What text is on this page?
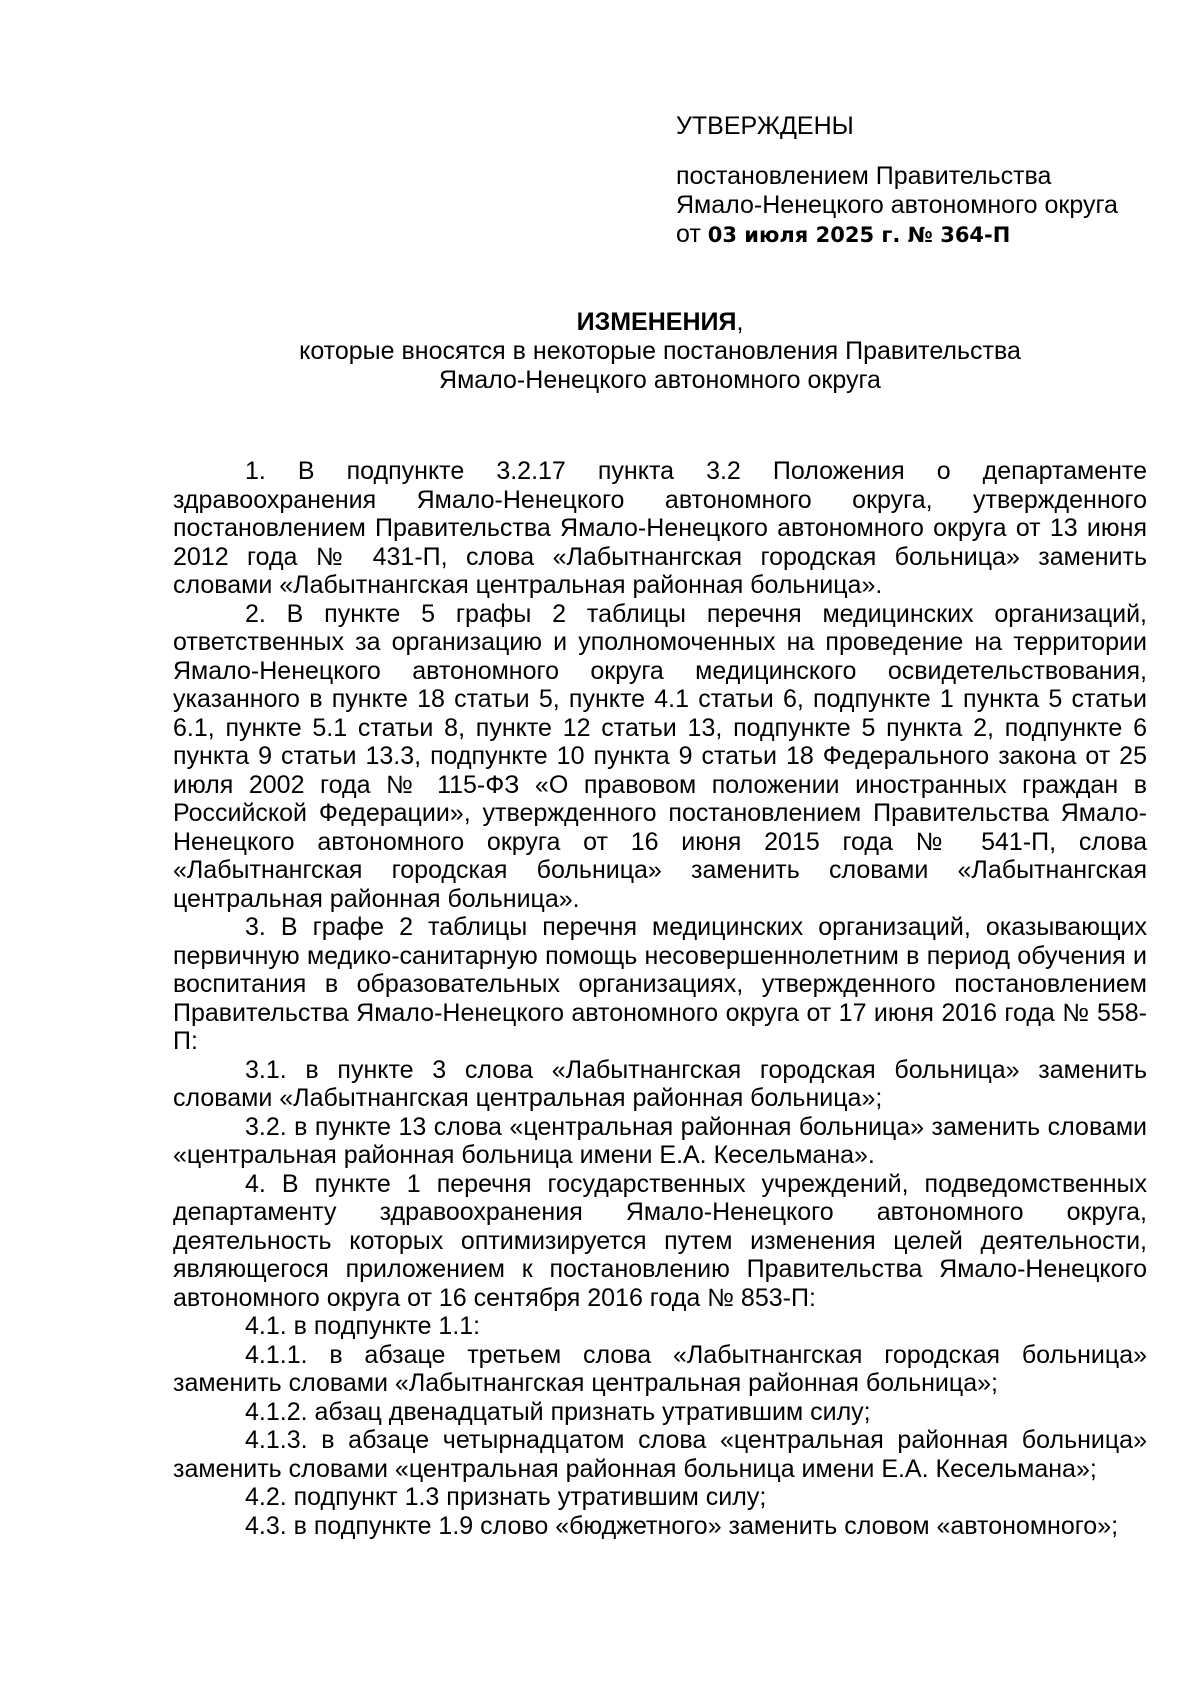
УТВЕРЖДЕНЫ
постановлением Правительства
Ямало-Ненецкого автономного округа
от 03 июля 2025 г. № 364-П
ИЗМЕНЕНИЯ,
которые вносятся в некоторые постановления Правительства
Ямало-Ненецкого автономного округа

1. В подпункте 3.2.17 пункта 3.2 Положения о департаменте здравоохранения Ямало-Ненецкого автономного округа, утвержденного постановлением Правительства Ямало-Ненецкого автономного округа от 13 июня 2012 года № 431-П, слова «Лабытнангская городская больница» заменить словами «Лабытнангская центральная районная больница».

2. В пункте 5 графы 2 таблицы перечня медицинских организаций, ответственных за организацию и уполномоченных на проведение на территории Ямало-Ненецкого автономного округа медицинского освидетельствования, указанного в пункте 18 статьи 5, пункте 4.1 статьи 6, подпункте 1 пункта 5 статьи 6.1, пункте 5.1 статьи 8, пункте 12 статьи 13, подпункте 5 пункта 2, подпункте 6 пункта 9 статьи 13.3, подпункте 10 пункта 9 статьи 18 Федерального закона от 25 июля 2002 года № 115-ФЗ «О правовом положении иностранных граждан в Российской Федерации», утвержденного постановлением Правительства Ямало-Ненецкого автономного округа от 16 июня 2015 года № 541-П, слова «Лабытнангская городская больница» заменить словами «Лабытнангская центральная районная больница».

3. В графе 2 таблицы перечня медицинских организаций, оказывающих первичную медико-санитарную помощь несовершеннолетним в период обучения и воспитания в образовательных организациях, утвержденного постановлением Правительства Ямало-Ненецкого автономного округа от 17 июня 2016 года № 558-П:

3.1. в пункте 3 слова «Лабытнангская городская больница» заменить словами «Лабытнангская центральная районная больница»;

3.2. в пункте 13 слова «центральная районная больница» заменить словами «центральная районная больница имени Е.А. Кесельмана».

4. В пункте 1 перечня государственных учреждений, подведомственных департаменту здравоохранения Ямало-Ненецкого автономного округа, деятельность которых оптимизируется путем изменения целей деятельности, являющегося приложением к постановлению Правительства Ямало-Ненецкого автономного округа от 16 сентября 2016 года № 853-П:

4.1. в подпункте 1.1:

4.1.1. в абзаце третьем слова «Лабытнангская городская больница» заменить словами «Лабытнангская центральная районная больница»;

4.1.2. абзац двенадцатый признать утратившим силу;

4.1.3. в абзаце четырнадцатом слова «центральная районная больница» заменить словами «центральная районная больница имени Е.А. Кесельмана»;

4.2. подпункт 1.3 признать утратившим силу;

4.3. в подпункте 1.9 слово «бюджетного» заменить словом «автономного»;
